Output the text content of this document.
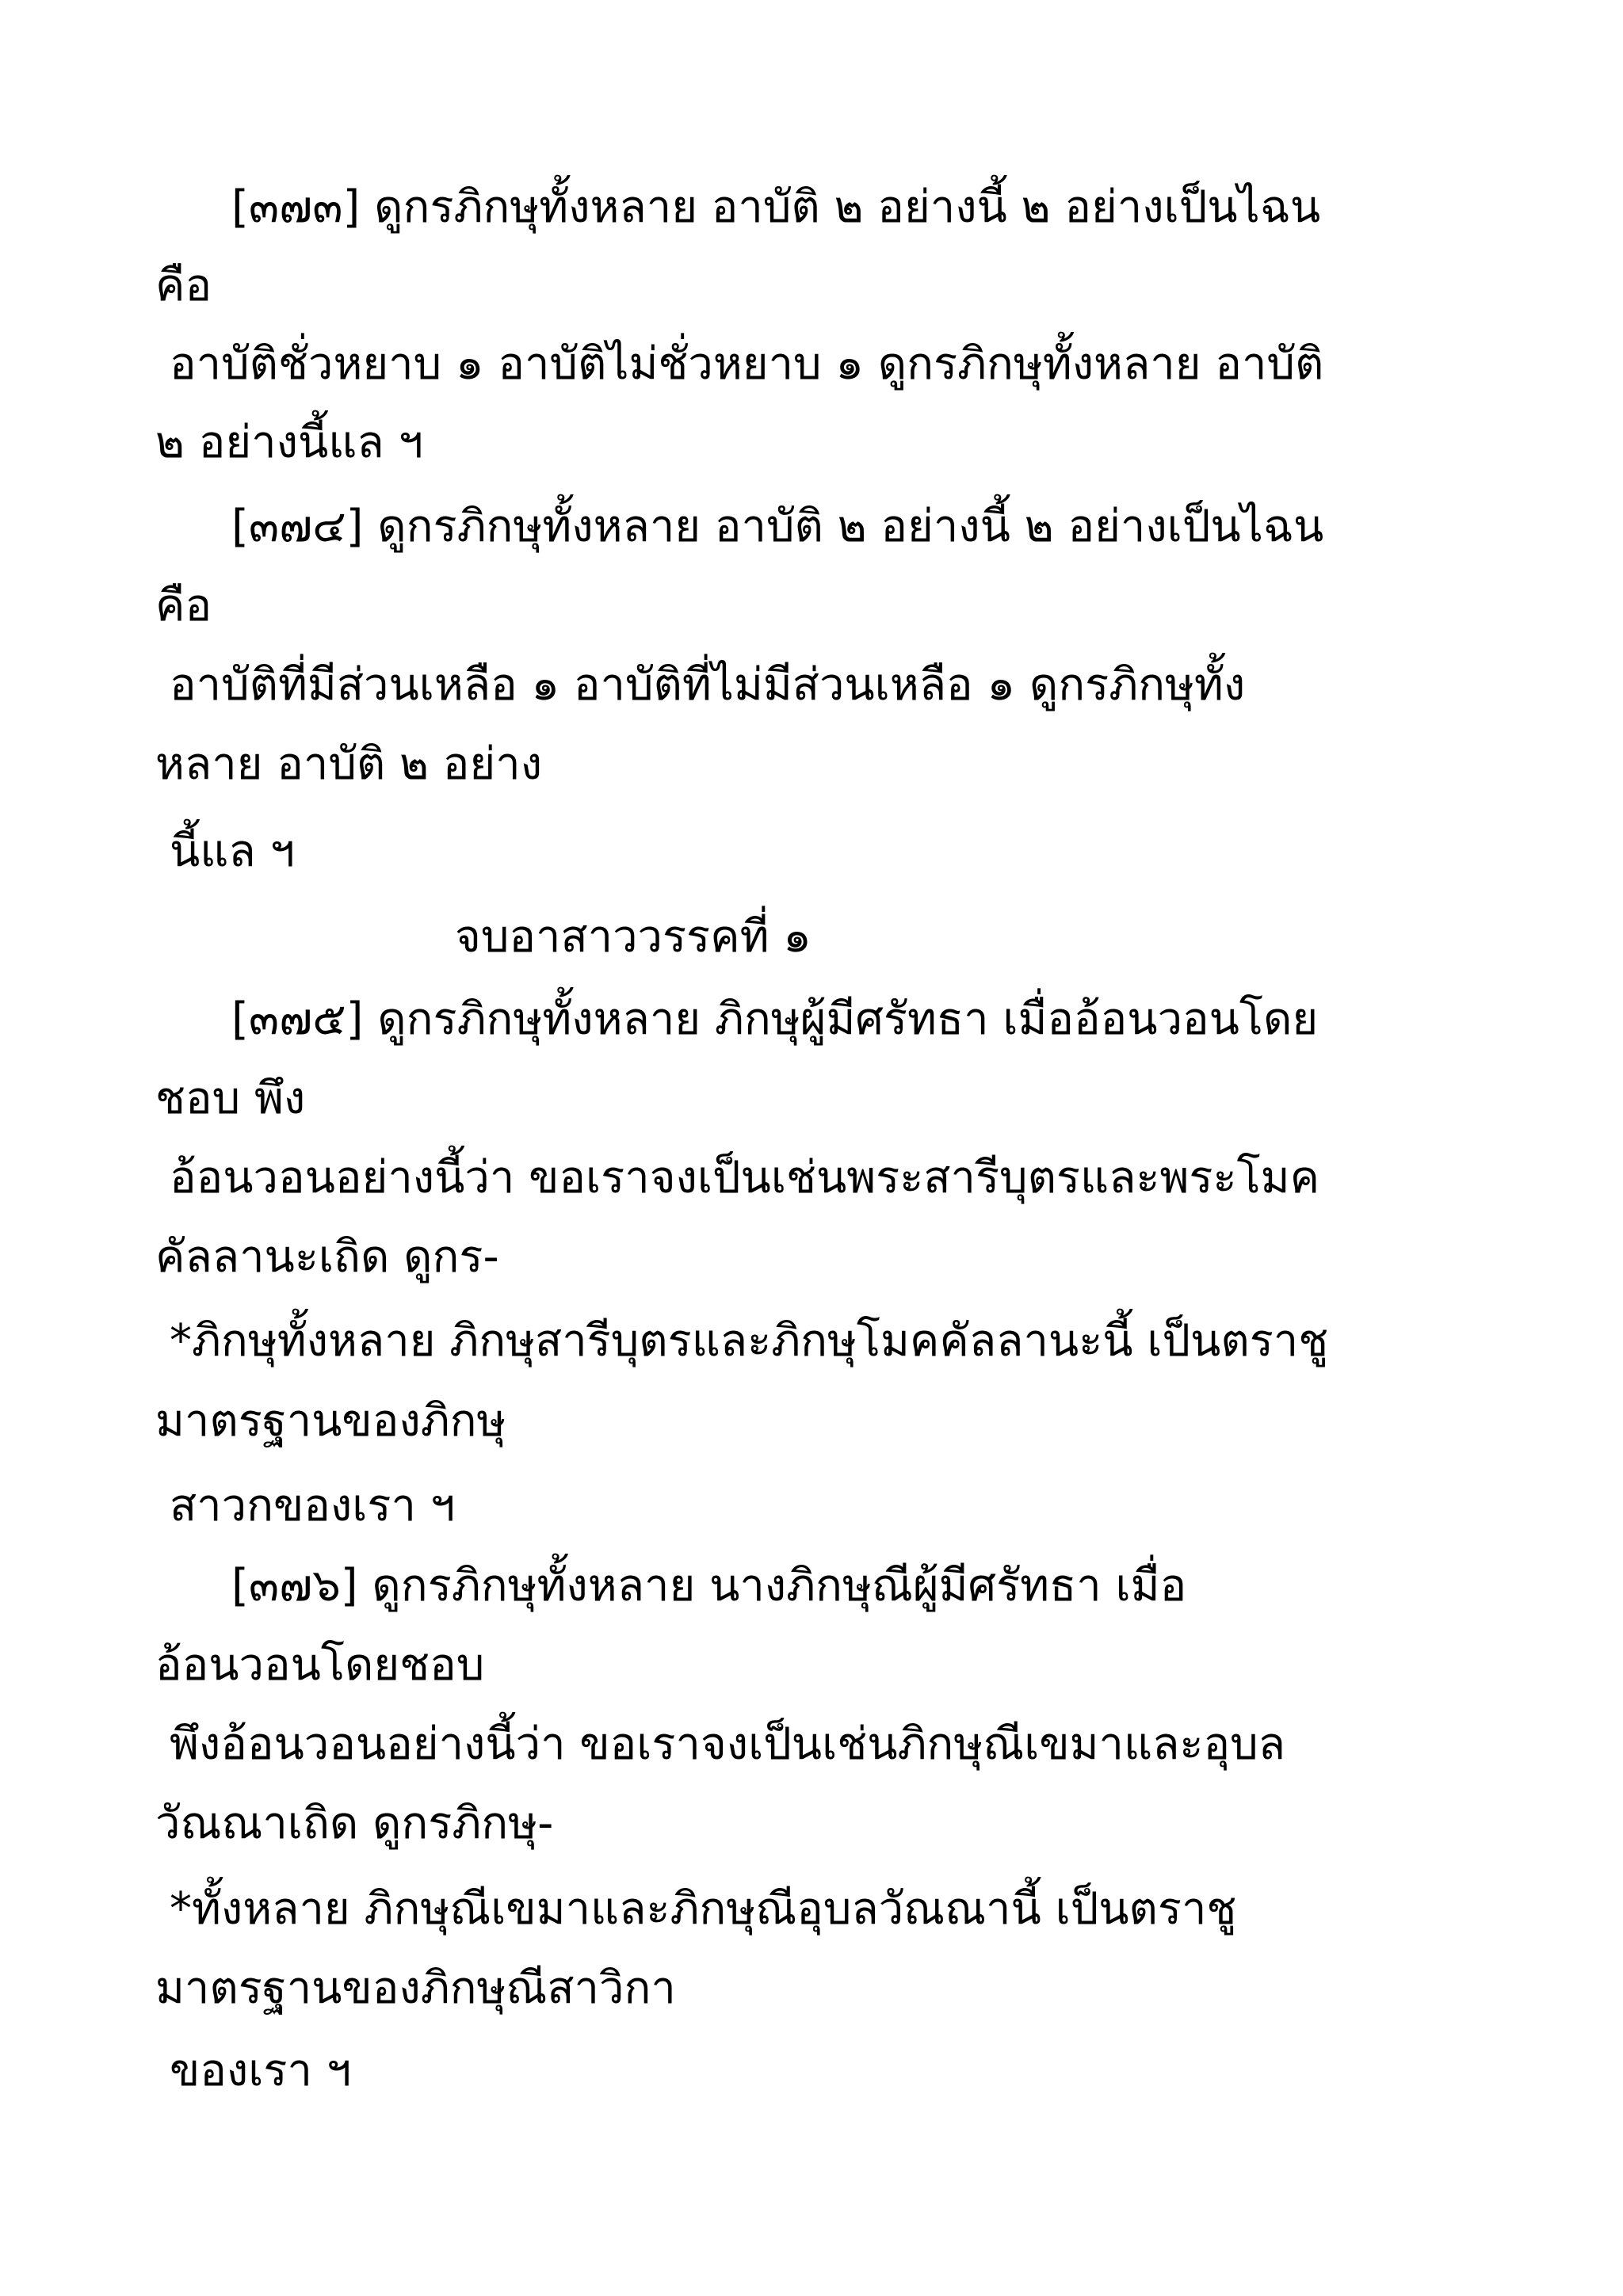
[๓๗๓] ดูกรภิกษุทั้งหลาย อาบัติ ๒ อย่างนี้ ๒ อย่างเป็นไฉน
คือ
อาบัติชั่วหยาบ ๑ อาบัติไม่ชั่วหยาบ ๑ ดูกรภิกษุทั้งหลาย อาบัติ
๒ อย่างนี้แล ฯ
[๓๗๔] ดูกรภิกษุทั้งหลาย อาบัติ ๒ อย่างนี้ ๒ อย่างเป็นไฉน
คือ
อาบัติที่มีส่วนเหลือ ๑ อาบัติที่ไม่มีส่วนเหลือ ๑ ดูกรภิกษุทั้ง
หลาย อาบัติ ๒ อย่าง
นี้แล ฯ
จบอาสาววรรคที่ ๑
[๓๗๕] ดูกรภิกษุทั้งหลาย ภิกษุผู้มีศรัทธา เมื่ออ้อนวอนโดย
ชอบ พึง
อ้อนวอนอย่างนี้ว่า ขอเราจงเป็นเช่นพระสารีบุตรและพระโมค
คัลลานะเถิด ดูกร-
*ภิกษุทั้งหลาย ภิกษุสารีบุตรและภิกษุโมคคัลลานะนี้ เป็นตราชู
มาตรฐานของภิกษุ
สาวกของเรา ฯ
[๓๗๖] ดูกรภิกษุทั้งหลาย นางภิกษุณีผู้มีศรัทธา เมื่อ
อ้อนวอนโดยชอบ
พึงอ้อนวอนอย่างนี้ว่า ขอเราจงเป็นเช่นภิกษุณีเขมาและอุบล
วัณณาเถิด ดูกรภิกษุ-
*ทั้งหลาย ภิกษุณีเขมาและภิกษุณีอุบลวัณณานี้ เป็นตราชู
มาตรฐานของภิกษุณีสาวิกา
ของเรา ฯ
